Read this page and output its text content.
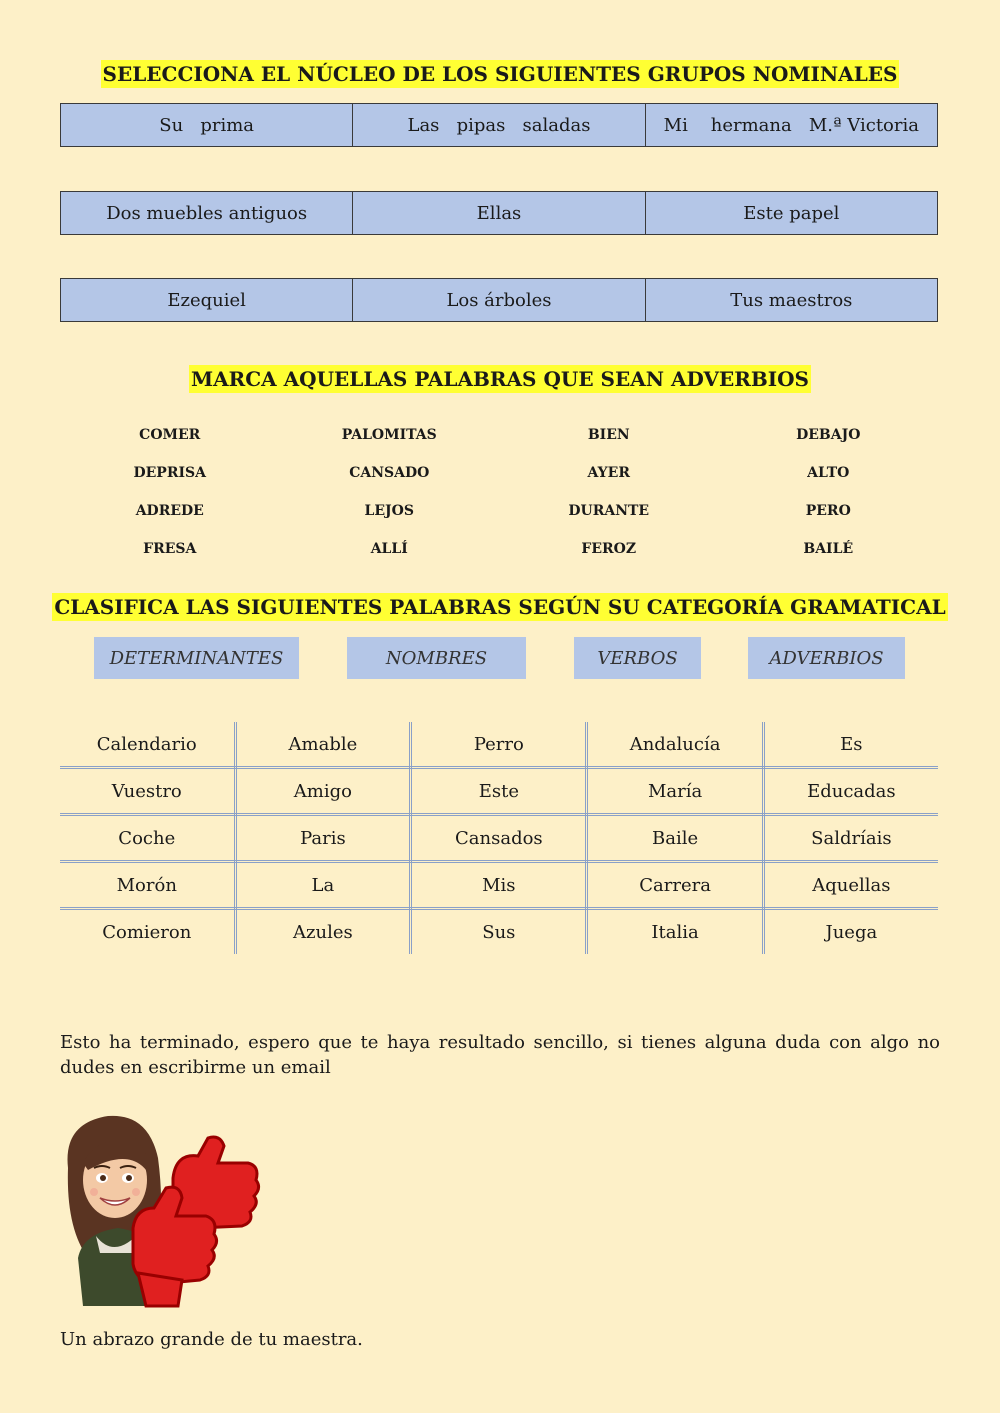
SELECCIONA EL NÚCLEO DE LOS SIGUIENTES GRUPOS NOMINALES
Su   prima	Las   pipas   saladas	Mi    hermana   M.ª Victoria
Dos muebles antiguos	Ellas	Este papel
Ezequiel	Los árboles	Tus maestros
MARCA AQUELLAS PALABRAS QUE SEAN ADVERBIOS
COMER	PALOMITAS	BIEN	DEBAJO
DEPRISA	CANSADO	AYER	ALTO
ADREDE	LEJOS	DURANTE	PERO
FRESA	ALLÍ	FEROZ	BAILÉ
CLASIFICA LAS SIGUIENTES PALABRAS SEGÚN SU CATEGORÍA GRAMATICAL
DETERMINANTES	NOMBRES	VERBOS	ADVERBIOS
Calendario	Amable	Perro	Andalucía	Es
Vuestro	Amigo	Este	María	Educadas
Coche	Paris	Cansados	Baile	Saldríais
Morón	La	Mis	Carrera	Aquellas
Comieron	Azules	Sus	Italia	Juega
Esto ha terminado, espero que te haya resultado sencillo, si tienes alguna duda con algo no dudes en escribirme un email
Un abrazo grande de tu maestra.
